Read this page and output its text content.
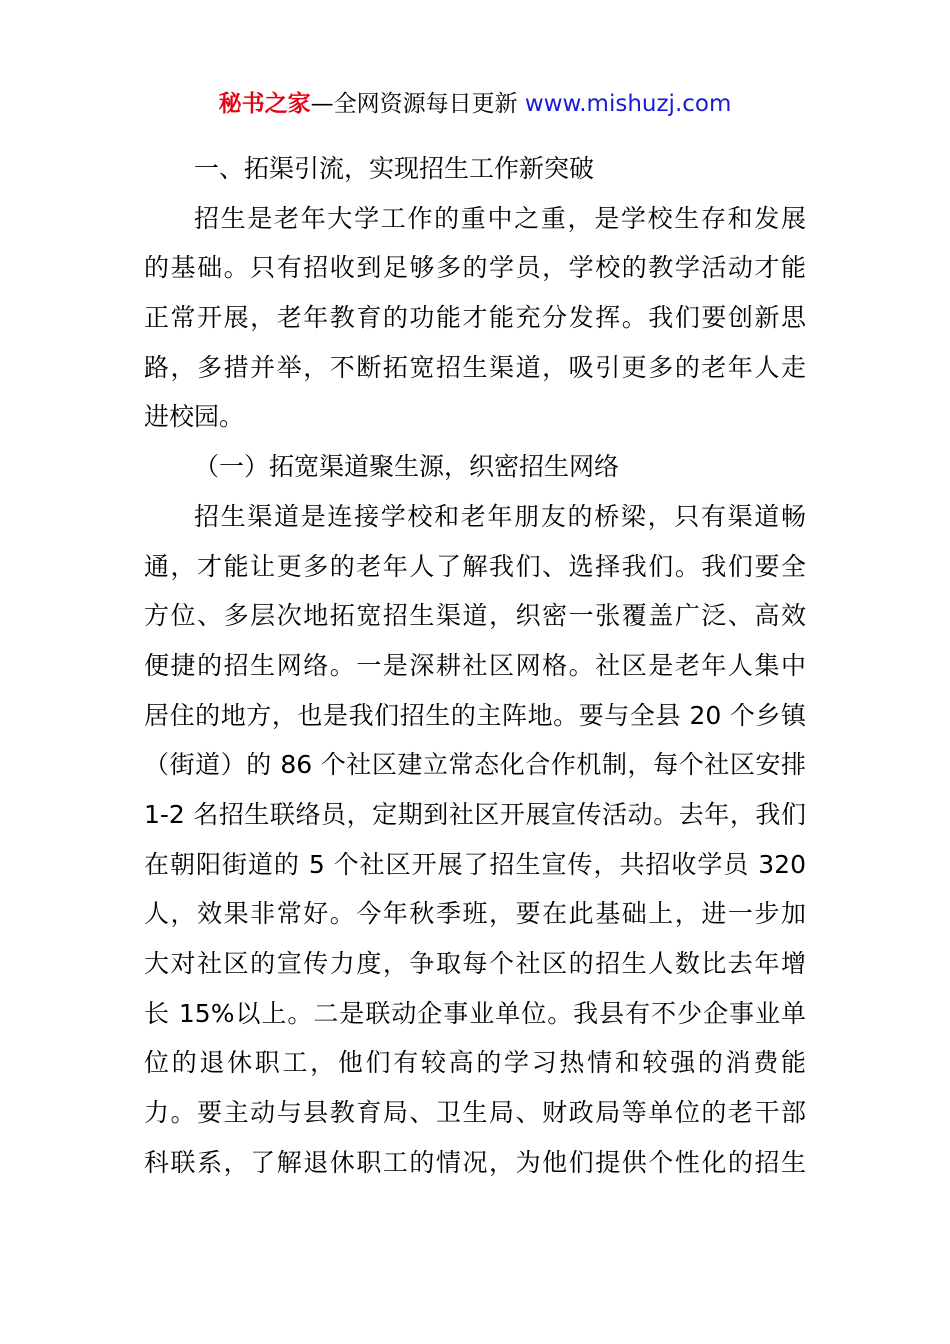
秘书之家—全网资源每日更新 www.mishuzj.com
一、拓渠引流，实现招生工作新突破
招生是老年大学工作的重中之重，是学校生存和发展
的基础。只有招收到足够多的学员，学校的教学活动才能
正常开展，老年教育的功能才能充分发挥。我们要创新思
路，多措并举，不断拓宽招生渠道，吸引更多的老年人走
进校园。
（一）拓宽渠道聚生源，织密招生网络
招生渠道是连接学校和老年朋友的桥梁，只有渠道畅
通，才能让更多的老年人了解我们、选择我们。我们要全
方位、多层次地拓宽招生渠道，织密一张覆盖广泛、高效
便捷的招生网络。一是深耕社区网格。社区是老年人集中
居住的地方，也是我们招生的主阵地。要与全县 20 个乡镇
（街道）的 86 个社区建立常态化合作机制，每个社区安排
1-2 名招生联络员，定期到社区开展宣传活动。去年，我们
在朝阳街道的 5 个社区开展了招生宣传，共招收学员 320
人，效果非常好。今年秋季班，要在此基础上，进一步加
大对社区的宣传力度，争取每个社区的招生人数比去年增
长 15%以上。二是联动企事业单位。我县有不少企事业单
位的退休职工，他们有较高的学习热情和较强的消费能
力。要主动与县教育局、卫生局、财政局等单位的老干部
科联系，了解退休职工的情况，为他们提供个性化的招生
